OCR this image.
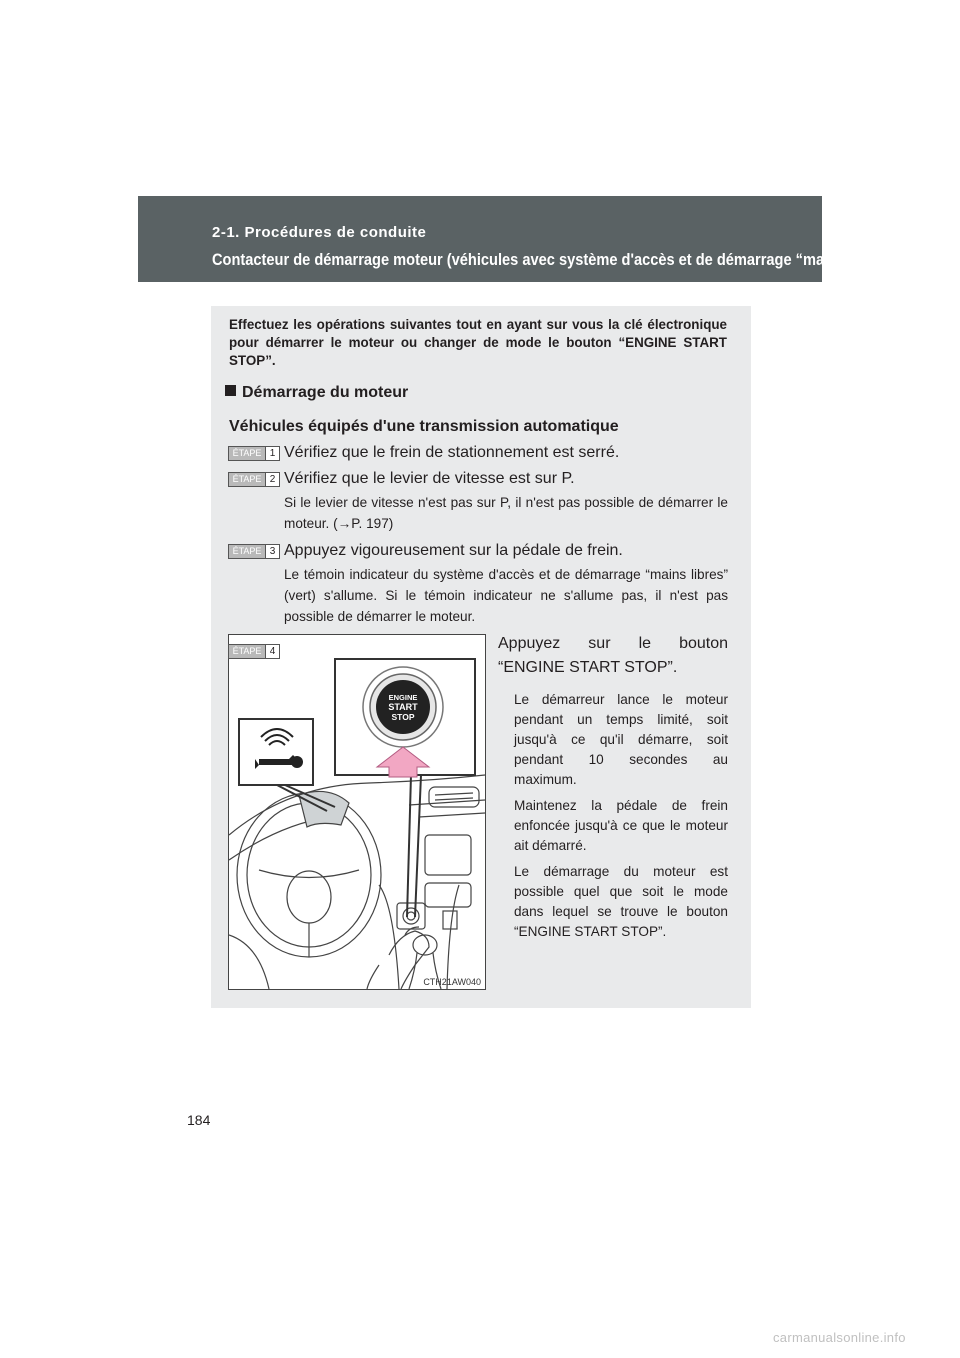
2-1. Procédures de conduite
Contacteur de démarrage moteur (véhicules avec système d'accès et de démarrage “mains libres”)
Effectuez les opérations suivantes tout en ayant sur vous la clé électronique pour démarrer le moteur ou changer de mode le bouton “ENGINE START STOP”.
Démarrage du moteur
Véhicules équipés d'une transmission automatique
ÉTAPE 1 Vérifiez que le frein de stationnement est serré.
ÉTAPE 2 Vérifiez que le levier de vitesse est sur P.
Si le levier de vitesse n'est pas sur P, il n'est pas possible de démarrer le moteur. (→P. 197)
ÉTAPE 3 Appuyez vigoureusement sur la pédale de frein.
Le témoin indicateur du système d'accès et de démarrage “mains libres” (vert) s'allume. Si le témoin indicateur ne s'allume pas, il n'est pas possible de démarrer le moteur.
ÉTAPE 4
ENGINE
START
STOP
CTH21AW040
Appuyez sur le bouton “ENGINE START STOP”.
Le démarreur lance le moteur pendant un temps limité, soit jusqu'à ce qu'il démarre, soit pendant 10 secondes au maximum.
Maintenez la pédale de frein enfoncée jusqu'à ce que le moteur ait démarré.
Le démarrage du moteur est possible quel que soit le mode dans lequel se trouve le bouton “ENGINE START STOP”.
184
carmanualsonline.info
